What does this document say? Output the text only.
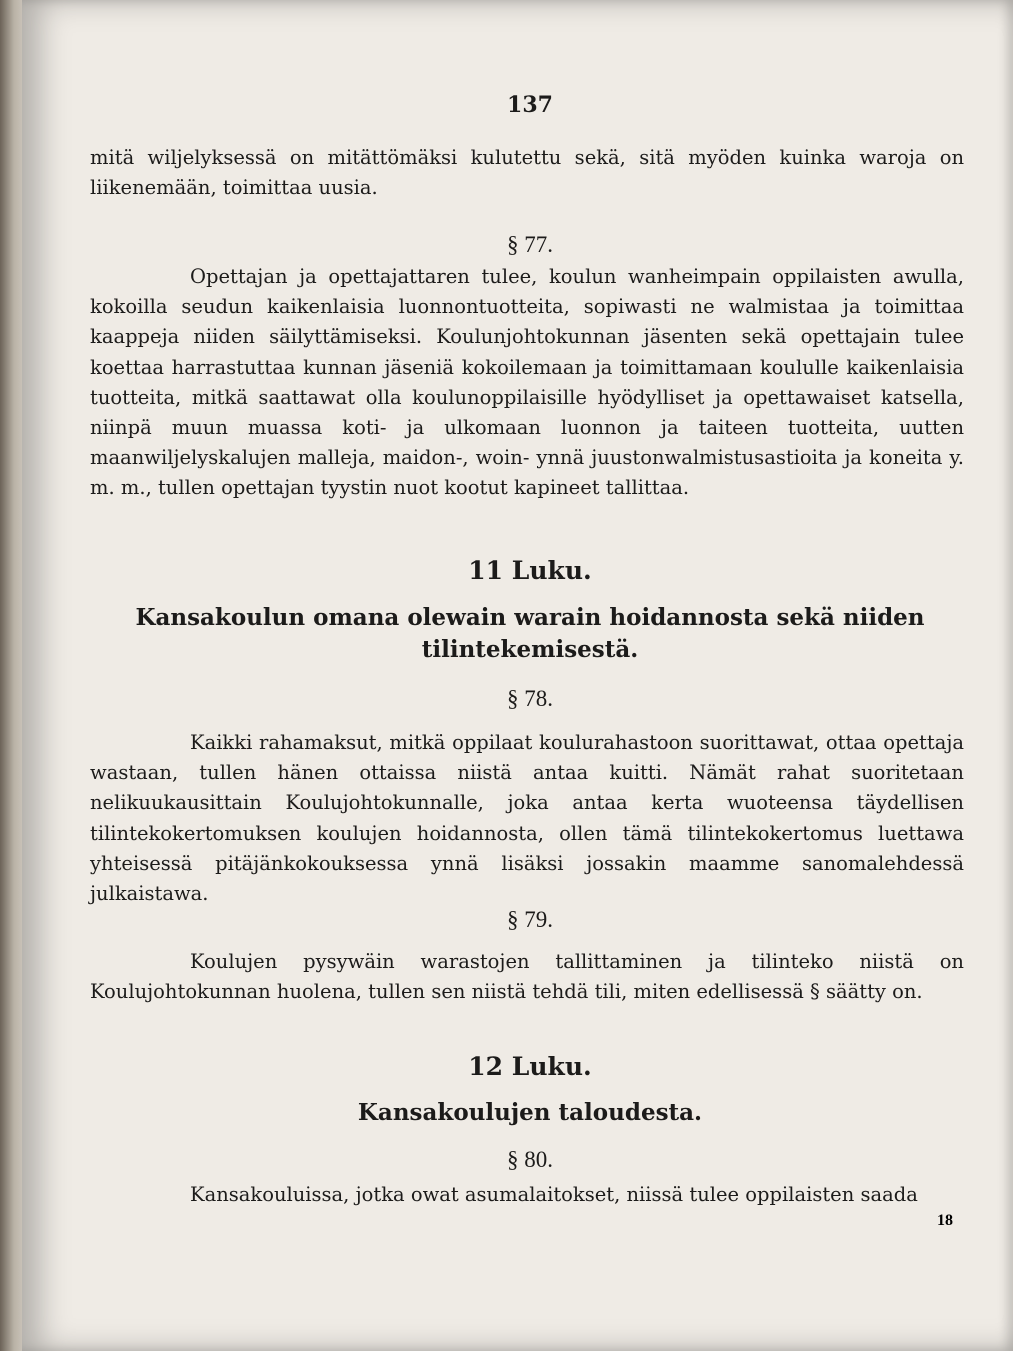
137

mitä wiljelyksessä on mitättömäksi kulutettu sekä, sitä myöden kuinka waroja on liikenemään, toimittaa uusia.

§ 77.

Opettajan ja opettajattaren tulee, koulun wanheimpain oppilaisten awulla, kokoilla seudun kaikenlaisia luonnontuotteita, sopiwasti ne walmistaa ja toimittaa kaappeja niiden säilyttämiseksi. Koulunjohtokunnan jäsenten sekä opettajain tulee koettaa harrastuttaa kunnan jäseniä kokoilemaan ja toimittamaan koululle kaikenlaisia tuotteita, mitkä saattawat olla koulunoppilaisille hyödylliset ja opettawaiset katsella, niinpä muun muassa koti- ja ulkomaan luonnon ja taiteen tuotteita, uutten maanwiljelyskalujen malleja, maidon-, woin- ynnä juustonwalmistusastioita ja koneita y. m. m., tullen opettajan tyystin nuot kootut kapineet tallittaa.

11 Luku.
Kansakoulun omana olewain warain hoidannosta sekä niiden tilintekemisestä.
§ 78.

Kaikki rahamaksut, mitkä oppilaat koulurahastoon suorittawat, ottaa opettaja wastaan, tullen hänen ottaissa niistä antaa kuitti. Nämät rahat suoritetaan nelikuukausittain Koulujohtokunnalle, joka antaa kerta wuoteensa täydellisen tilintekokertomuksen koulujen hoidannosta, ollen tämä tilintekokertomus luettawa yhteisessä pitäjänkokouksessa ynnä lisäksi jossakin maamme sanomalehdessä julkaistawa.

§ 79.

Koulujen pysywäin warastojen tallittaminen ja tilinteko niistä on Koulujohtokunnan huolena, tullen sen niistä tehdä tili, miten edellisessä § säätty on.

12 Luku.
Kansakoulujen taloudesta.
§ 80.

Kansakouluissa, jotka owat asumalaitokset, niissä tulee oppilaisten saada

18
